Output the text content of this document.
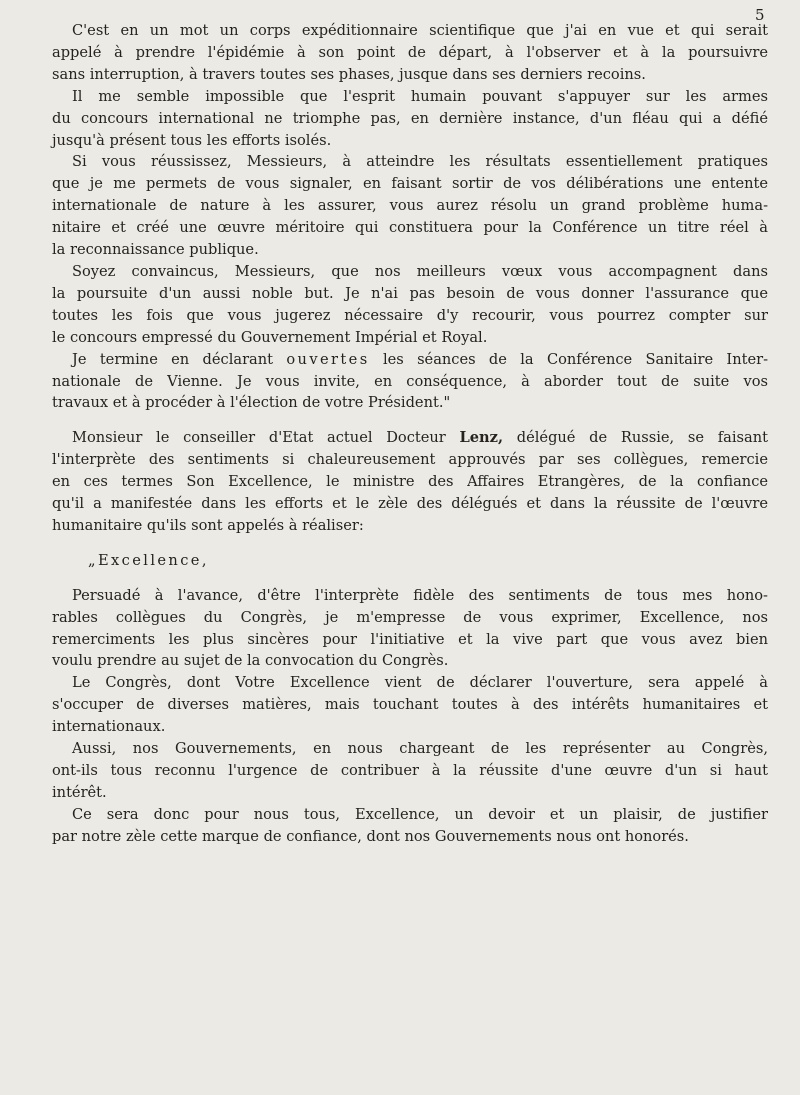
5
C'est en un mot un corps expéditionnaire scientifique que j'ai en vue et qui serait
appelé à prendre l'épidémie à son point de départ, à l'observer et à la poursuivre
sans interruption, à travers toutes ses phases, jusque dans ses derniers recoins.
Il me semble impossible que l'esprit humain pouvant s'appuyer sur les armes
du concours international ne triomphe pas, en dernière instance, d'un fléau qui a défié
jusqu'à présent tous les efforts isolés.
Si vous réussissez, Messieurs, à atteindre les résultats essentiellement pratiques
que je me permets de vous signaler, en faisant sortir de vos délibérations une entente
internationale de nature à les assurer, vous aurez résolu un grand problème huma-
nitaire et créé une œuvre méritoire qui constituera pour la Conférence un titre réel à
la reconnaissance publique.
Soyez convaincus, Messieurs, que nos meilleurs vœux vous accompagnent dans
la poursuite d'un aussi noble but. Je n'ai pas besoin de vous donner l'assurance que
toutes les fois que vous jugerez nécessaire d'y recourir, vous pourrez compter sur
le concours empressé du Gouvernement Impérial et Royal.
Je termine en déclarant ouvertes les séances de la Conférence Sanitaire Inter-
nationale de Vienne. Je vous invite, en conséquence, à aborder tout de suite vos
travaux et à procéder à l'élection de votre Président."
Monsieur le conseiller d'Etat actuel Docteur Lenz, délégué de Russie, se faisant
l'interprète des sentiments si chaleureusement approuvés par ses collègues, remercie
en ces termes Son Excellence, le ministre des Affaires Etrangères, de la confiance
qu'il a manifestée dans les efforts et le zèle des délégués et dans la réussite de l'œuvre
humanitaire qu'ils sont appelés à réaliser:
„Excellence,
Persuadé à l'avance, d'être l'interprète fidèle des sentiments de tous mes hono-
rables collègues du Congrès, je m'empresse de vous exprimer, Excellence, nos
remerciments les plus sincères pour l'initiative et la vive part que vous avez bien
voulu prendre au sujet de la convocation du Congrès.
Le Congrès, dont Votre Excellence vient de déclarer l'ouverture, sera appelé à
s'occuper de diverses matières, mais touchant toutes à des intérêts humanitaires et
internationaux.
Aussi, nos Gouvernements, en nous chargeant de les représenter au Congrès,
ont-ils tous reconnu l'urgence de contribuer à la réussite d'une œuvre d'un si haut
intérêt.
Ce sera donc pour nous tous, Excellence, un devoir et un plaisir, de justifier
par notre zèle cette marque de confiance, dont nos Gouvernements nous ont honorés.
